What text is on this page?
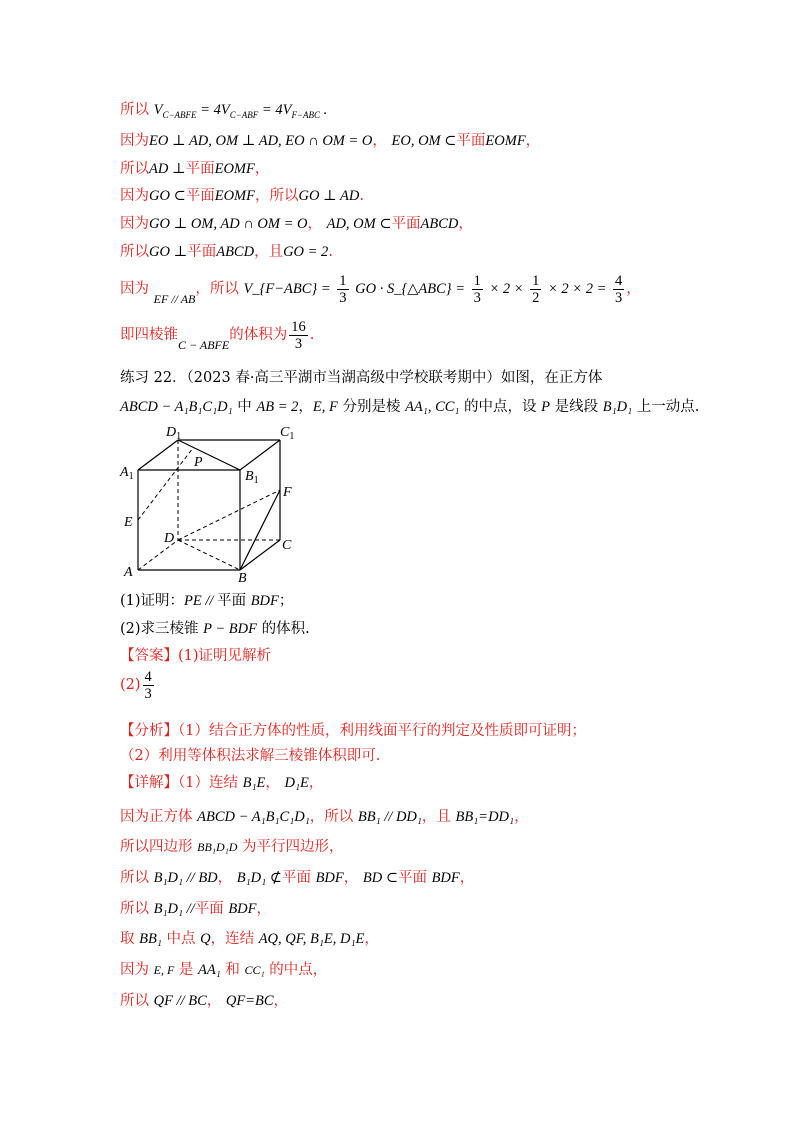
所以 $V_{C-ABFE} = 4V_{C-ABF} = 4V_{F-ABC}$ .
因为EO ⊥ AD, OM ⊥ AD, EO ∩ OM = O， EO, OM ⊂平面EOMF，
所以AD ⊥平面EOMF，
因为GO ⊂平面EOMF，所以GO ⊥ AD.
因为GO ⊥ OM, AD ∩ OM = O， AD, OM ⊂平面ABCD，
所以GO ⊥平面ABCD，且GO = 2.
因为 $_{EF // AB}$，所以 V_{F−ABC} = $\frac{1}{3}$ GO · S_{△ABC} = $\frac{1}{3} \times 2 \times \frac{1}{2} \times 2 \times 2 = \frac{4}{3}$ ，
即四棱锥$_{C - ABFE}$的体积为 $\frac{16}{3}$ .
练习 22．（2023 春·高三平湖市当湖高级中学校联考期中）如图，在正方体
ABCD − A₁B₁C₁D₁ 中 AB = 2，E, F 分别是棱 AA₁, CC₁ 的中点，设 P 是线段 B₁D₁ 上一动点.
$D_1$	$C_1$
$A_1$	$B_1$
P
E
F
D	C
A	B
(1)证明：PE // 平面 BDF；
(2)求三棱锥 P − BDF 的体积.
【答案】(1)证明见解析
$(2) \frac{4}{3}$
【分析】（1）结合正方体的性质，利用线面平行的判定及性质即可证明；
（2）利用等体积法求解三棱锥体积即可.
【详解】（1）连结 B₁E， D₁E，
因为正方体 ABCD − A₁B₁C₁D₁，所以 BB₁ // DD₁，且 BB₁=DD₁，
所以四边形 BB₁D₁D 为平行四边形，
所以 B₁D₁ // BD， B₁D₁ ⊄平面 BDF， BD ⊂平面 BDF，
所以 B₁D₁ //平面 BDF，
取 BB₁ 中点 Q，连结 AQ, QF, B₁E, D₁E，
因为 E, F 是 AA₁ 和 CC₁ 的中点，
所以 QF // BC， QF=BC，
